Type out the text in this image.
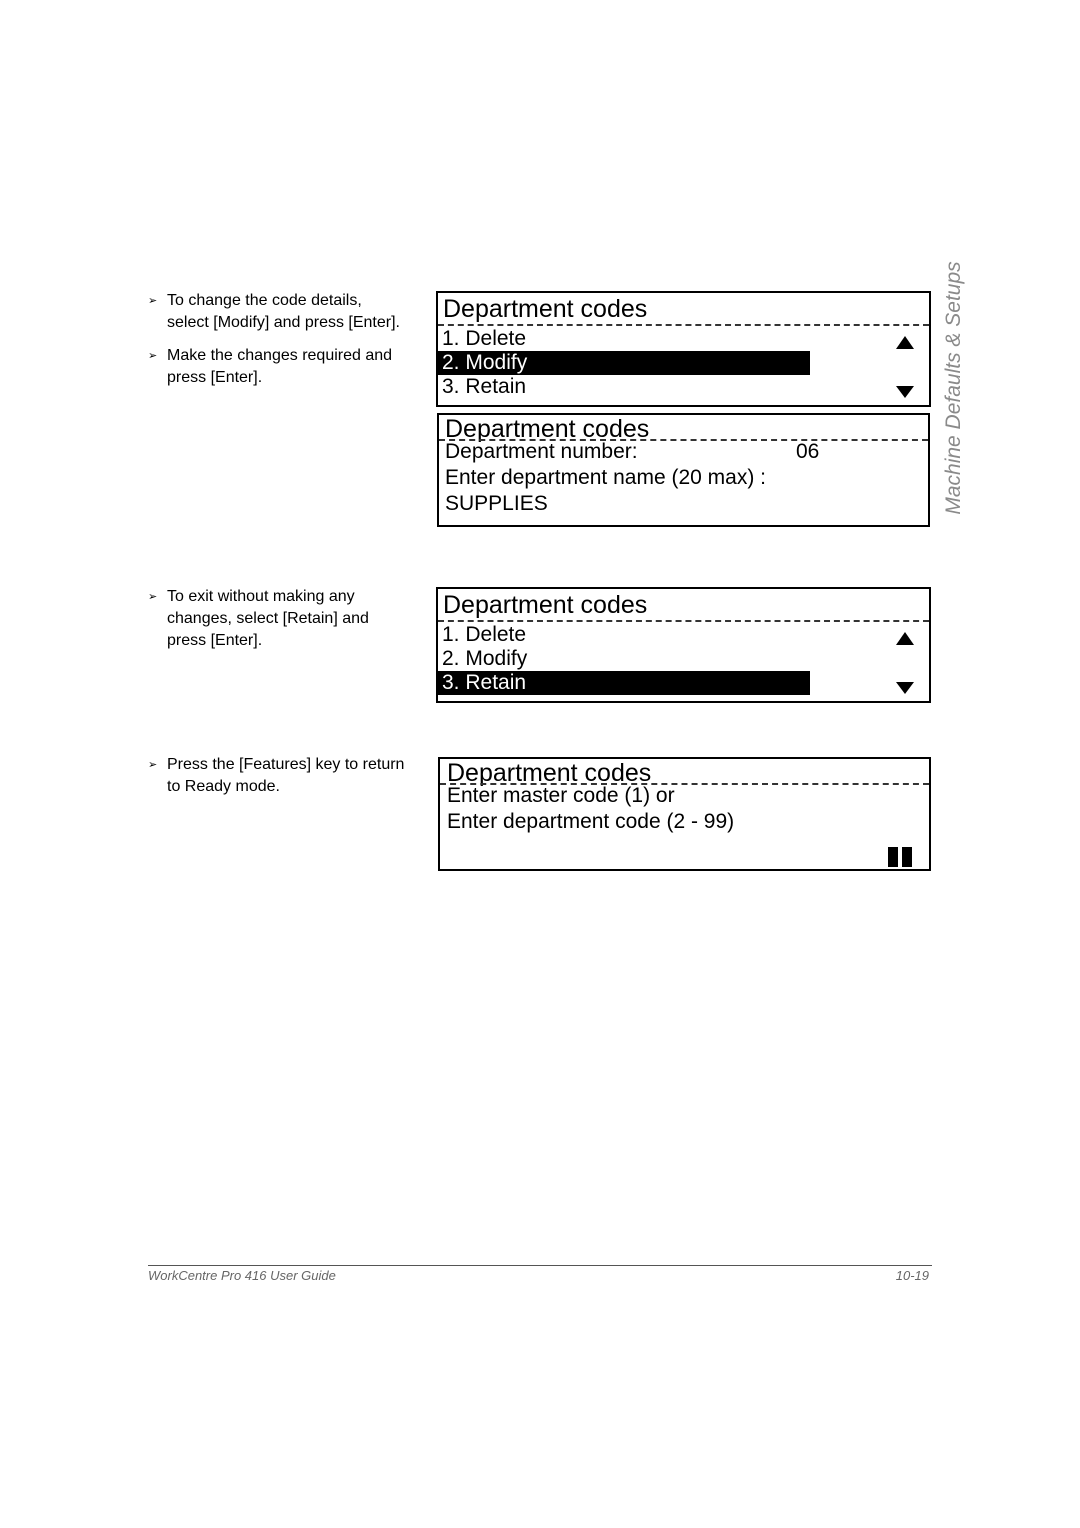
➢ To change the code details, select [Modify] and press [Enter].
➢ Make the changes required and press [Enter].
➢ To exit without making any changes, select [Retain] and press [Enter].
➢ Press the [Features] key to return to Ready mode.
Department codes
1. Delete
2. Modify
3. Retain
Department codes
Department number:	06
Enter department name (20 max) :
SUPPLIES
Department codes
1. Delete
2. Modify
3. Retain
Department codes
Enter master code (1) or
Enter department code (2 - 99)
Machine Defaults & Setups
WorkCentre Pro 416 User Guide	10-19
